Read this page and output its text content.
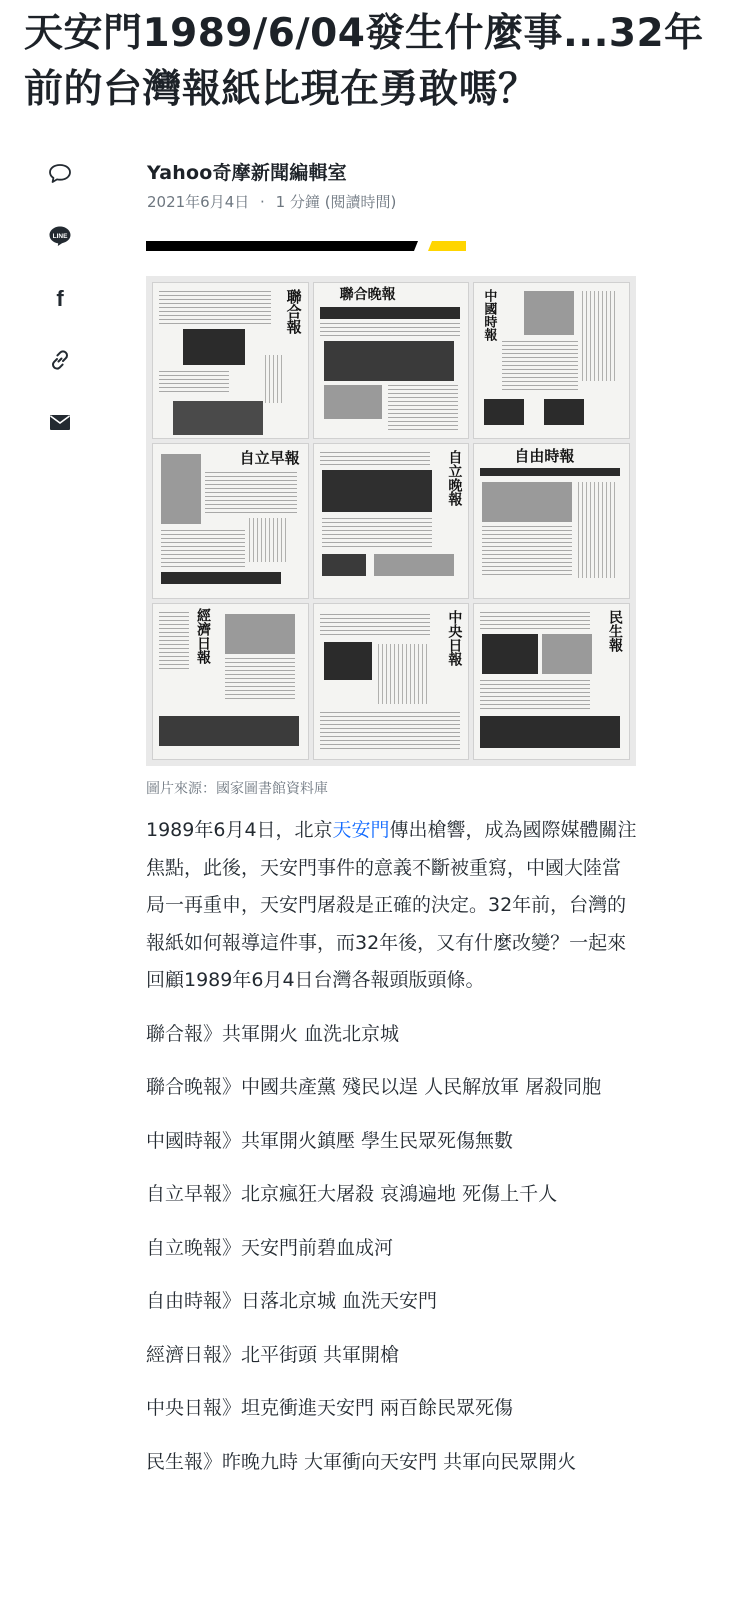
天安門1989/6/04發生什麼事...32年前的台灣報紙比現在勇敢嗎？
LINE
f
Yahoo奇摩新聞編輯室
2021年6月4日 · 1 分鐘 (閱讀時間)
聯合報	聯合晚報	中國時報
自立早報	自立晚報	自由時報
經濟日報	中央日報	民生報
圖片來源：國家圖書館資料庫

1989年6月4日，北京天安門傳出槍響，成為國際媒體關注焦點，此後，天安門事件的意義不斷被重寫，中國大陸當局一再重申，天安門屠殺是正確的決定。32年前，台灣的報紙如何報導這件事，而32年後，又有什麼改變？一起來回顧1989年6月4日台灣各報頭版頭條。

聯合報》共軍開火 血洗北京城

聯合晚報》中國共產黨 殘民以逞 人民解放軍 屠殺同胞

中國時報》共軍開火鎮壓 學生民眾死傷無數

自立早報》北京瘋狂大屠殺 哀鴻遍地 死傷上千人

自立晚報》天安門前碧血成河

自由時報》日落北京城 血洗天安門

經濟日報》北平街頭 共軍開槍

中央日報》坦克衝進天安門 兩百餘民眾死傷

民生報》昨晚九時 大軍衝向天安門 共軍向民眾開火
